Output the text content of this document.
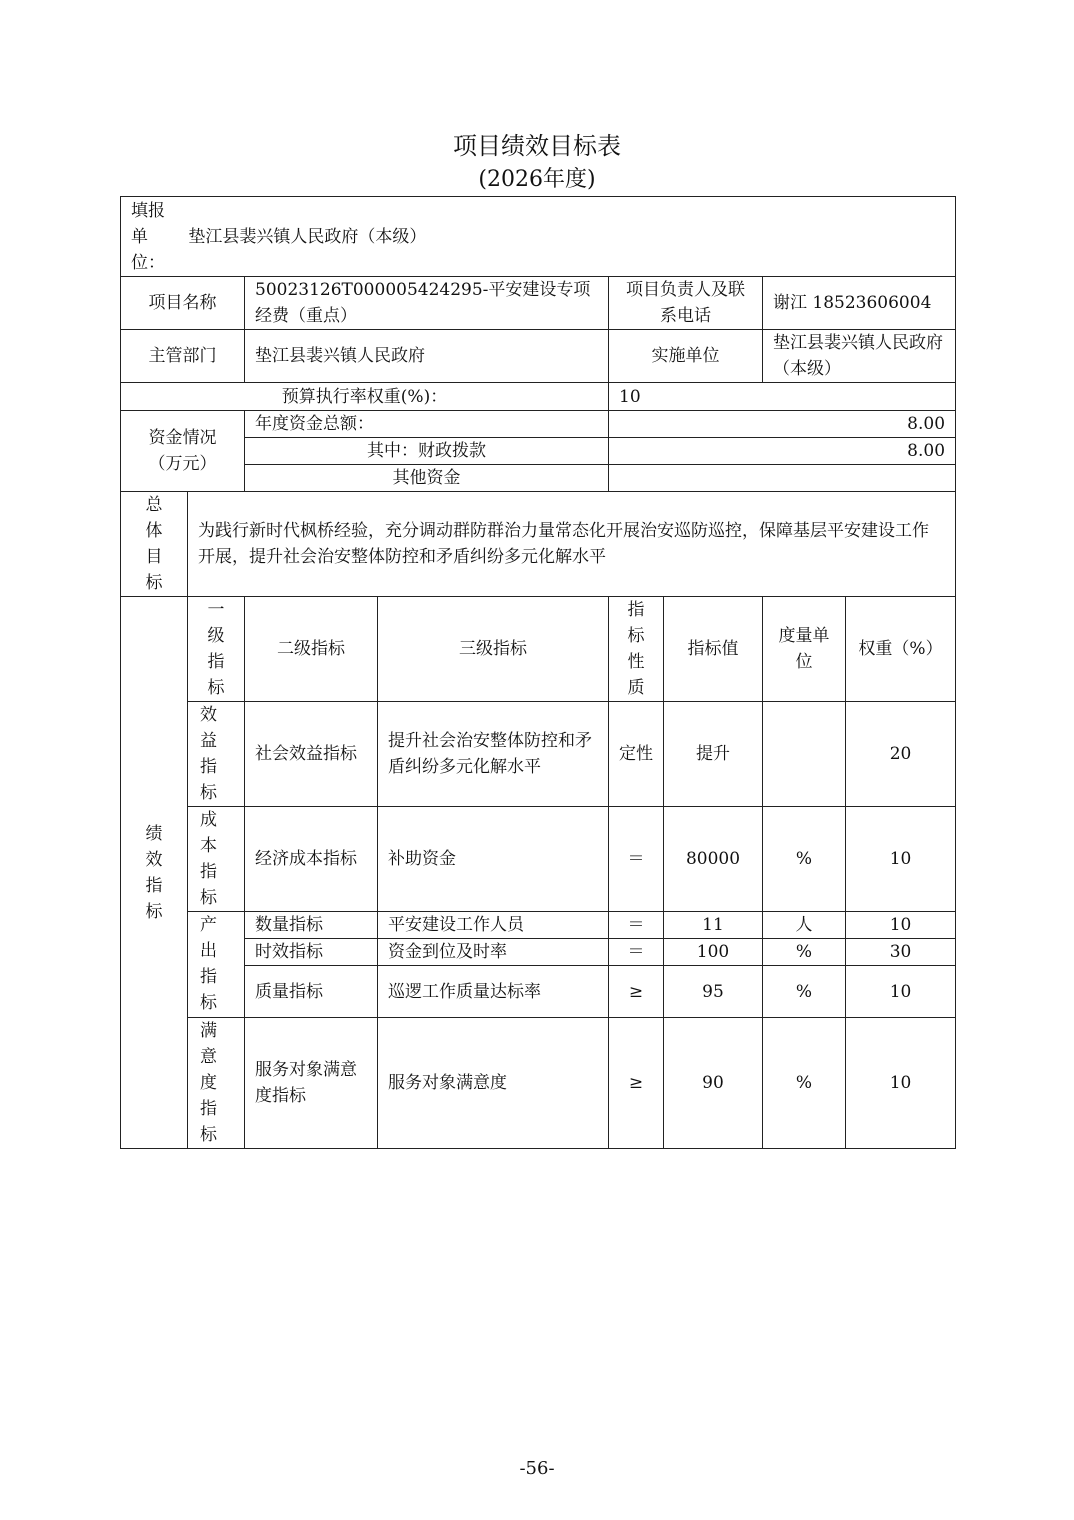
项目绩效目标表
(2026年度)
填报单位：
垫江县裴兴镇人民政府（本级）							

项目名称		50023126T000005424295-平安建设专项经费（重点）		项目负责人及联系电话		谢江 18523606004	
主管部门		垫江县裴兴镇人民政府		实施单位		垫江县裴兴镇人民政府（本级）	
预算执行率权重(%)：				10			

资金情况（万元）		年度资金总额：		8.00			
		其中：财政拨款		8.00			
		其他资金					

总体目标	为践行新时代枫桥经验，充分调动群防群治力量常态化开展治安巡防巡控，保障基层平安建设工作开展，提升社会治安整体防控和矛盾纠纷多元化解水平						

绩效指标	一级指标	二级指标	三级指标	指标性质	指标值	度量单位	权重（%）

	效益指标	社会效益指标	提升社会治安整体防控和矛盾纠纷多元化解水平	定性	提升		20

	成本指标	经济成本指标	补助资金	＝	80000	%	10

	产出指标	数量指标	平安建设工作人员	＝	11	人	10
		时效指标	资金到位及时率	＝	100	%	30
		质量指标	巡逻工作质量达标率	≥	95	%	10

	满意度指标	服务对象满意度指标	服务对象满意度	≥	90	%	10
-56-
